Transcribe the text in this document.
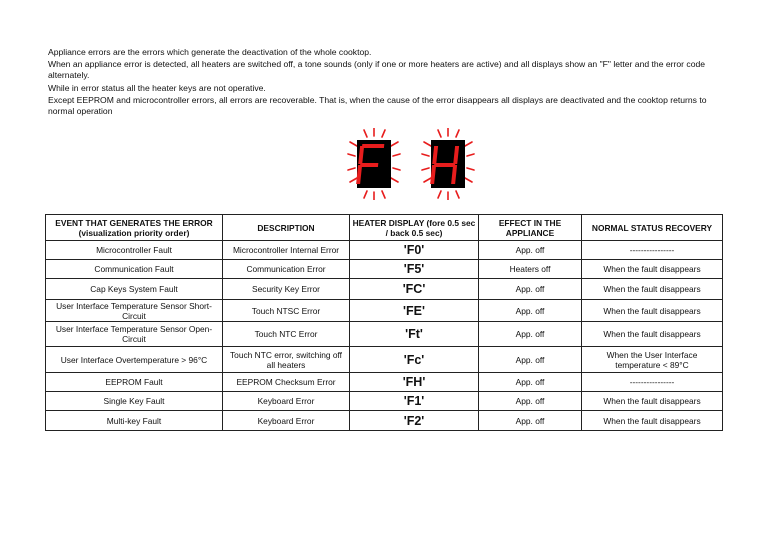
Appliance errors are the errors which generate the deactivation of the whole cooktop.

When an appliance error is detected, all heaters are switched off, a tone sounds (only if one or more heaters are active) and all displays show an "F" letter and the error code alternately.

While in error status all the heater keys are not operative.

Except EEPROM and microcontroller errors, all errors are recoverable. That is, when the cause of the error disappears all displays are deactivated and the cooktop returns to normal operation

EVENT THAT GENERATES THE ERROR (visualization priority order)	DESCRIPTION	HEATER DISPLAY (fore 0.5 sec / back 0.5 sec)	EFFECT IN THE APPLIANCE	NORMAL STATUS RECOVERY
Microcontroller Fault	Microcontroller Internal Error	'F0'	App. off	----------------
Communication Fault	Communication Error	'F5'	Heaters off	When the fault disappears
Cap Keys System Fault	Security Key Error	'FC'	App. off	When the fault disappears
User Interface Temperature Sensor Short-Circuit	Touch NTSC Error	'FE'	App. off	When the fault disappears
User Interface Temperature Sensor Open-Circuit	Touch NTC Error	'Ft'	App. off	When the fault disappears
User Interface Overtemperature > 96°C	Touch NTC error, switching off all heaters	'Fc'	App. off	When the User Interface temperature < 89°C
EEPROM Fault	EEPROM Checksum Error	'FH'	App. off	----------------
Single Key Fault	Keyboard Error	'F1'	App. off	When the fault disappears
Multi-key Fault	Keyboard Error	'F2'	App. off	When the fault disappears
